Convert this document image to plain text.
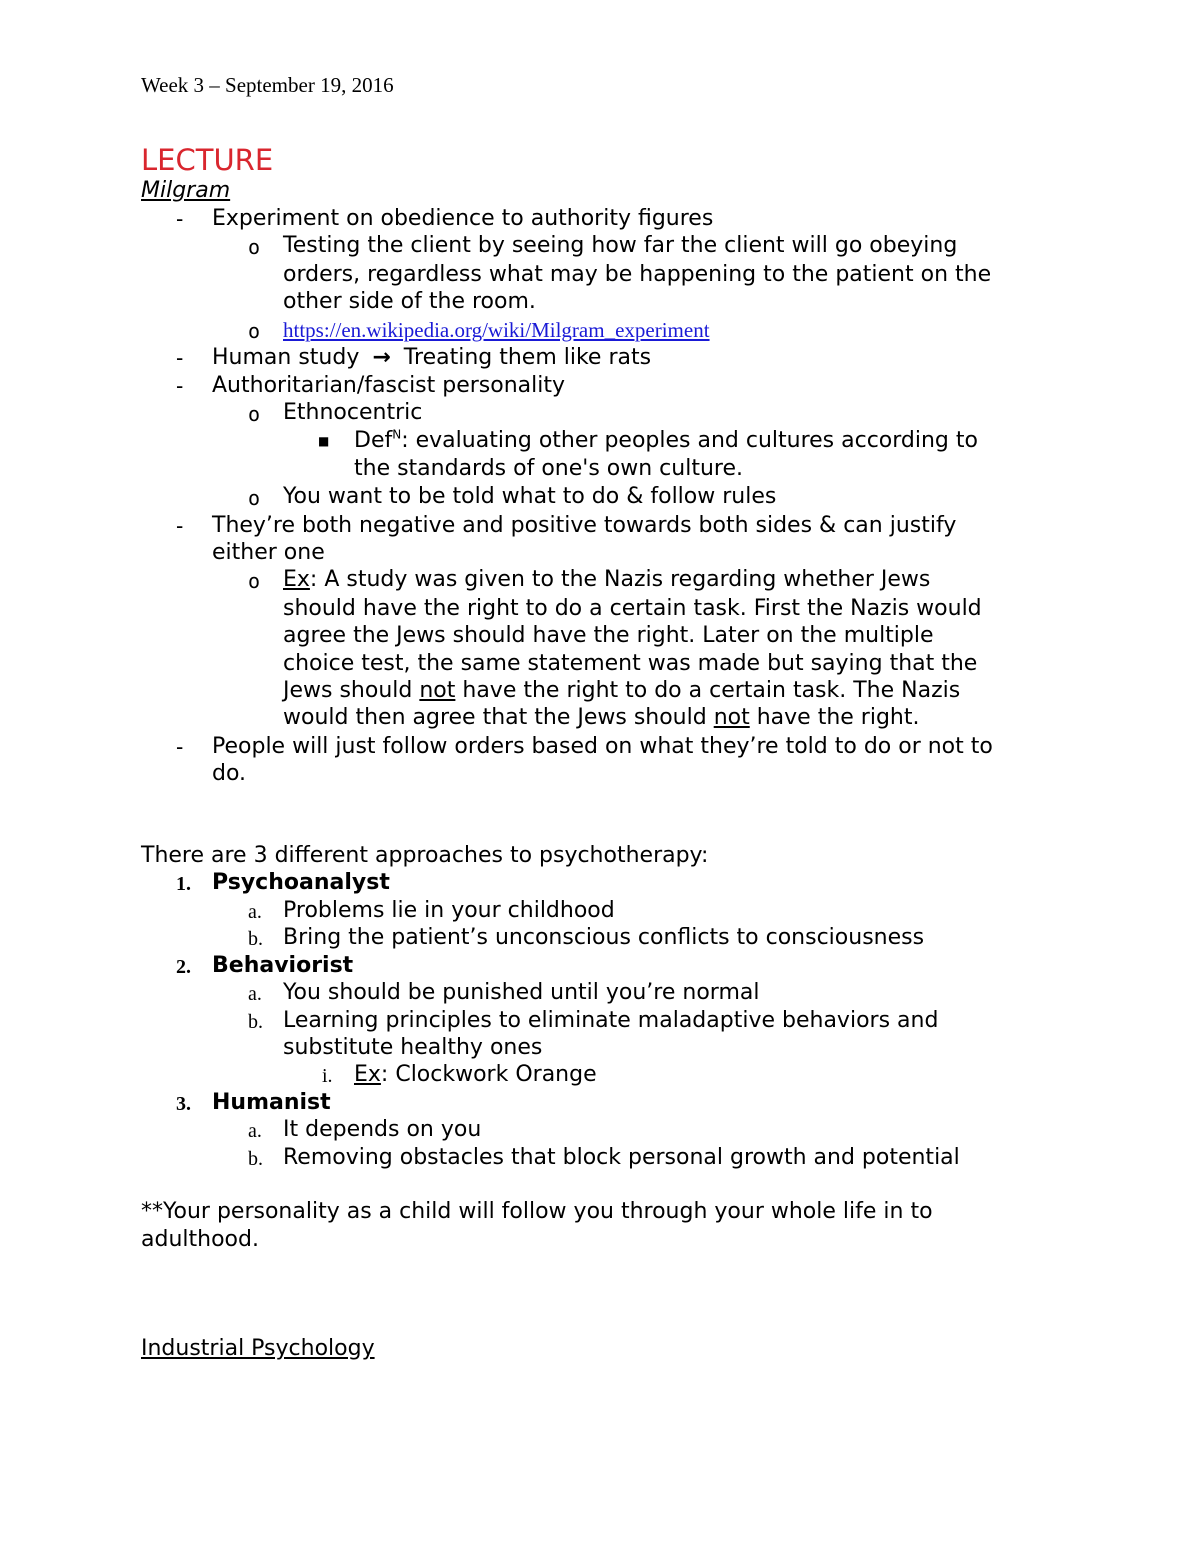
Week 3 – September 19, 2016
LECTURE
Milgram
- Experiment on obedience to authority figures
o Testing the client by seeing how far the client will go obeying
orders, regardless what may be happening to the patient on the
other side of the room.
o https://en.wikipedia.org/wiki/Milgram_experiment
- Human study → Treating them like rats
- Authoritarian/fascist personality
o Ethnocentric
■ Def$^N$: evaluating other peoples and cultures according to
the standards of one's own culture.
o You want to be told what to do & follow rules
- They’re both negative and positive towards both sides & can justify
either one
o Ex: A study was given to the Nazis regarding whether Jews
should have the right to do a certain task. First the Nazis would
agree the Jews should have the right. Later on the multiple
choice test, the same statement was made but saying that the
Jews should not have the right to do a certain task. The Nazis
would then agree that the Jews should not have the right.
- People will just follow orders based on what they’re told to do or not to
do.
There are 3 different approaches to psychotherapy:
1. Psychoanalyst
a. Problems lie in your childhood
b. Bring the patient’s unconscious conflicts to consciousness
2. Behaviorist
a. You should be punished until you’re normal
b. Learning principles to eliminate maladaptive behaviors and
substitute healthy ones
i. Ex: Clockwork Orange
3. Humanist
a. It depends on you
b. Removing obstacles that block personal growth and potential
**Your personality as a child will follow you through your whole life in to
adulthood.
Industrial Psychology
